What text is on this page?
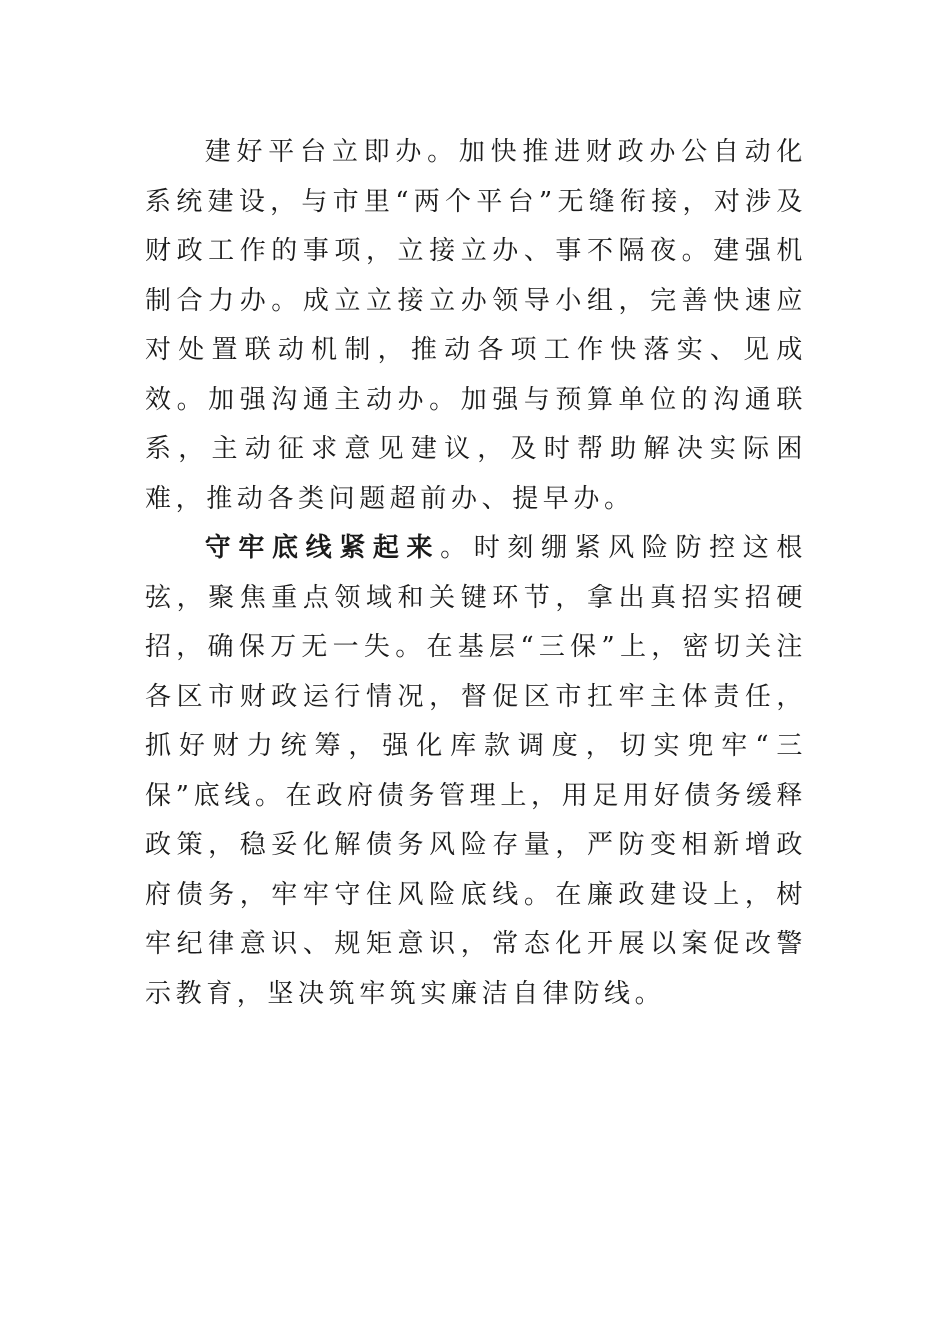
建好平台立即办。加快推进财政办公自动化系统建设，与市里“两个平台”无缝衔接，对涉及财政工作的事项，立接立办、事不隔夜。建强机制合力办。成立立接立办领导小组，完善快速应对处置联动机制，推动各项工作快落实、见成效。加强沟通主动办。加强与预算单位的沟通联系，主动征求意见建议，及时帮助解决实际困难，推动各类问题超前办、提早办。

守牢底线紧起来。时刻绷紧风险防控这根弦，聚焦重点领域和关键环节，拿出真招实招硬招，确保万无一失。在基层“三保”上，密切关注各区市财政运行情况，督促区市扛牢主体责任，抓好财力统筹，强化库款调度，切实兜牢“三保”底线。在政府债务管理上，用足用好债务缓释政策，稳妥化解债务风险存量，严防变相新增政府债务，牢牢守住风险底线。在廉政建设上，树牢纪律意识、规矩意识，常态化开展以案促改警示教育，坚决筑牢筑实廉洁自律防线。
